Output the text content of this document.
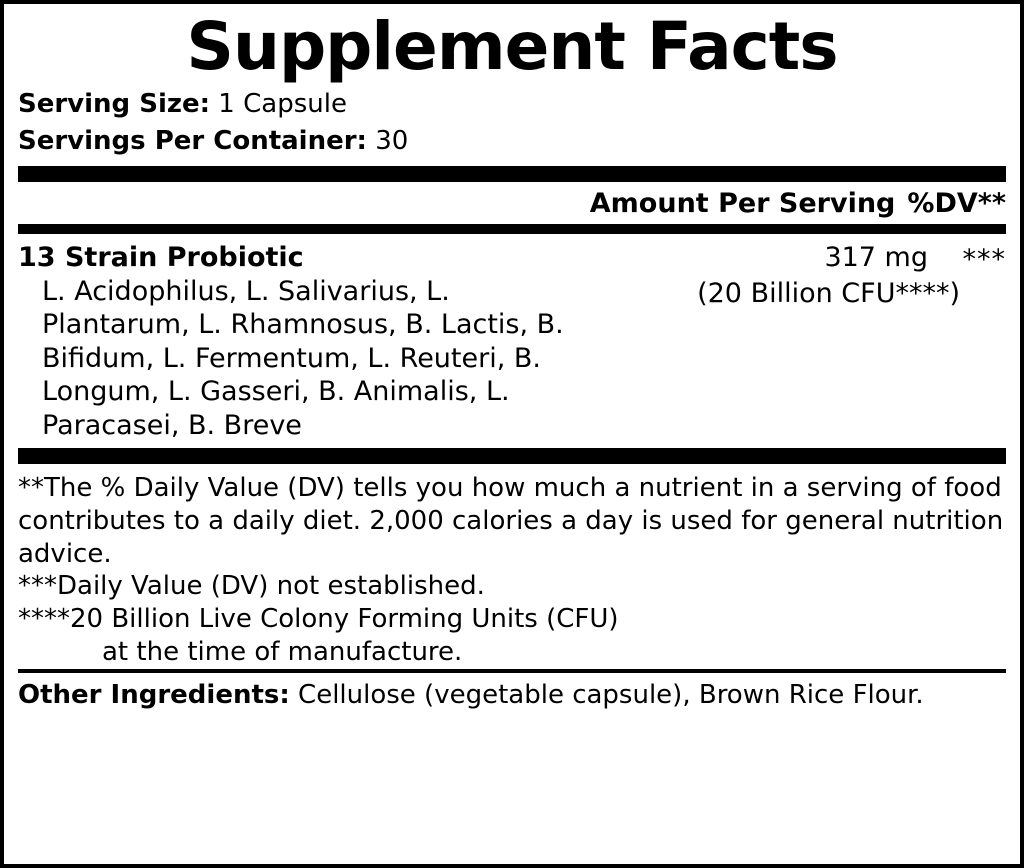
Supplement Facts
Serving Size: 1 Capsule
Servings Per Container: 30
Amount Per Serving %DV**
13 Strain Probiotic	317 mg ***
(20 Billion CFU****)
L. Acidophilus, L. Salivarius, L. Plantarum, L. Rhamnosus, B. Lactis, B. Bifidum, L. Fermentum, L. Reuteri, B. Longum, L. Gasseri, B. Animalis, L. Paracasei, B. Breve

**The % Daily Value (DV) tells you how much a nutrient in a serving of food contributes to a daily diet. 2,000 calories a day is used for general nutrition advice.

***Daily Value (DV) not established.

****20 Billion Live Colony Forming Units (CFU)

at the time of manufacture.

Other Ingredients: Cellulose (vegetable capsule), Brown Rice Flour.
